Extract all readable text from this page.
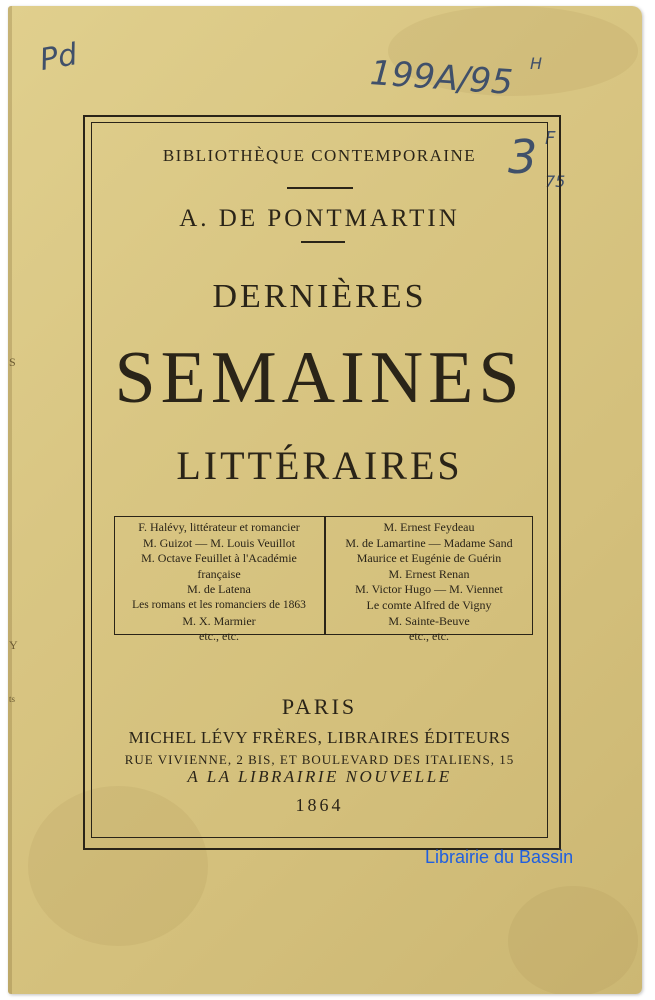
S
Y
ts
Pd	199A/95 H
3 F
75
BIBLIOTHÈQUE CONTEMPORAINE
A. DE PONTMARTIN
DERNIÈRES
SEMAINES
LITTÉRAIRES
F. Halévy, littérateur et romancier
M. Guizot — M. Louis Veuillot
M. Octave Feuillet à l'Académie
française
M. de Latena
Les romans et les romanciers de 1863
M. X. Marmier
etc., etc.
M. Ernest Feydeau
M. de Lamartine — Madame Sand
Maurice et Eugénie de Guérin
M. Ernest Renan
M. Victor Hugo — M. Viennet
Le comte Alfred de Vigny
M. Sainte-Beuve
etc., etc.
PARIS
MICHEL LÉVY FRÈRES, LIBRAIRES ÉDITEURS
RUE VIVIENNE, 2 BIS, ET BOULEVARD DES ITALIENS, 15
A LA LIBRAIRIE NOUVELLE
1864
Librairie du Bassin
